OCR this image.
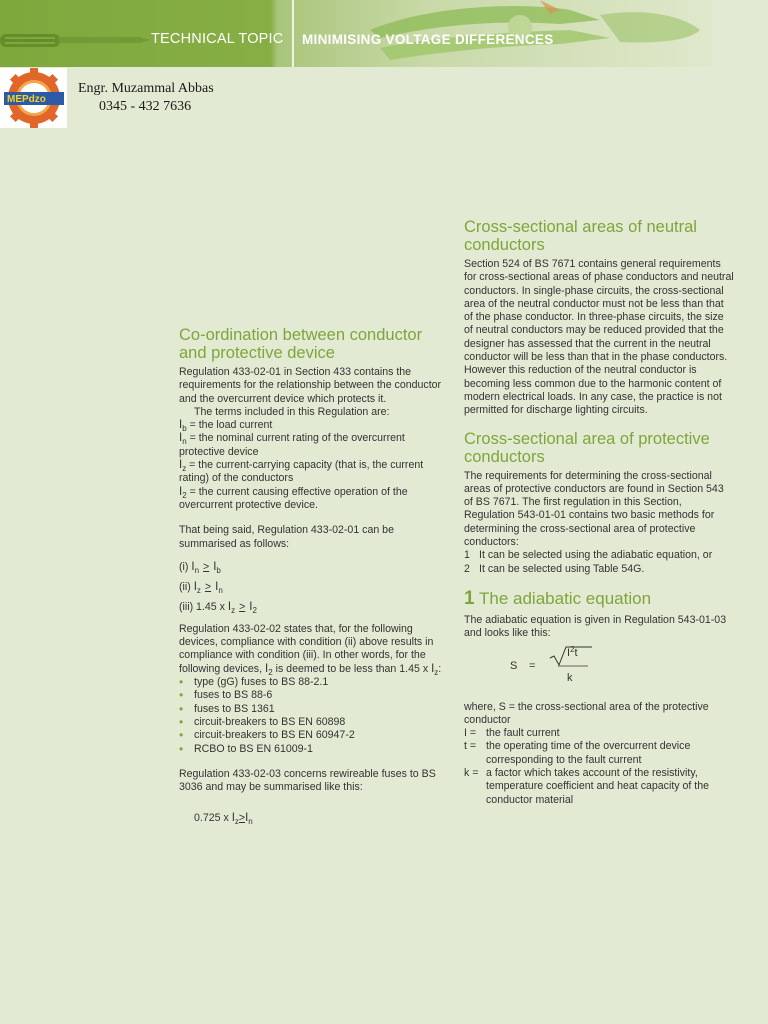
TECHNICAL TOPIC MINIMISING VOLTAGE DIFFERENCES
MEPdzo
Engr. Muzammal Abbas
0345 - 432 7636
Co-ordination between conductor and protective device

Regulation 433-02-01 in Section 433 contains the requirements for the relationship between the conductor and the overcurrent device which protects it.

The terms included in this Regulation are:

$I_b$ = the load current

$I_n$ = the nominal current rating of the overcurrent protective device

$I_z$ = the current-carrying capacity (that is, the current rating) of the conductors

$I_2$ = the current causing effective operation of the overcurrent protective device.

That being said, Regulation 433-02-01 can be summarised as follows:

(i) $I_n > I_b$

(ii) $I_z > I_n$

(iii) 1.45 x $I_z > I_2$

Regulation 433-02-02 states that, for the following devices, compliance with condition (ii) above results in compliance with condition (iii). In other words, for the following devices, $I_2$ is deemed to be less than 1.45 x $I_z$:

• type (gG) fuses to BS 88-2.1
• fuses to BS 88-6
• fuses to BS 1361
• circuit-breakers to BS EN 60898
• circuit-breakers to BS EN 60947-2
• RCBO to BS EN 61009-1

Regulation 433-02-03 concerns rewireable fuses to BS 3036 and may be summarised like this:

0.725 x $I_z>I_n$

Cross-sectional areas of neutral conductors

Section 524 of BS 7671 contains general requirements for cross-sectional areas of phase conductors and neutral conductors. In single-phase circuits, the cross-sectional area of the neutral conductor must not be less than that of the phase conductor. In three-phase circuits, the size of neutral conductors may be reduced provided that the designer has assessed that the current in the neutral conductor will be less than that in the phase conductors. However this reduction of the neutral conductor is becoming less common due to the harmonic content of modern electrical loads. In any case, the practice is not permitted for discharge lighting circuits.

Cross-sectional area of protective conductors

The requirements for determining the cross-sectional areas of protective conductors are found in Section 543 of BS 7671. The first regulation in this Section, Regulation 543-01-01 contains two basic methods for determining the cross-sectional area of protective conductors:

1 It can be selected using the adiabatic equation, or
2 It can be selected using Table 54G.
1 The adiabatic equation

The adiabatic equation is given in Regulation 543-01-03 and looks like this:

S =
$I^2t$
k

where, S = the cross-sectional area of the protective conductor

I = the fault current
t = the operating time of the overcurrent device corresponding to the fault current
k = a factor which takes account of the resistivity, temperature coefficient and heat capacity of the conductor material
